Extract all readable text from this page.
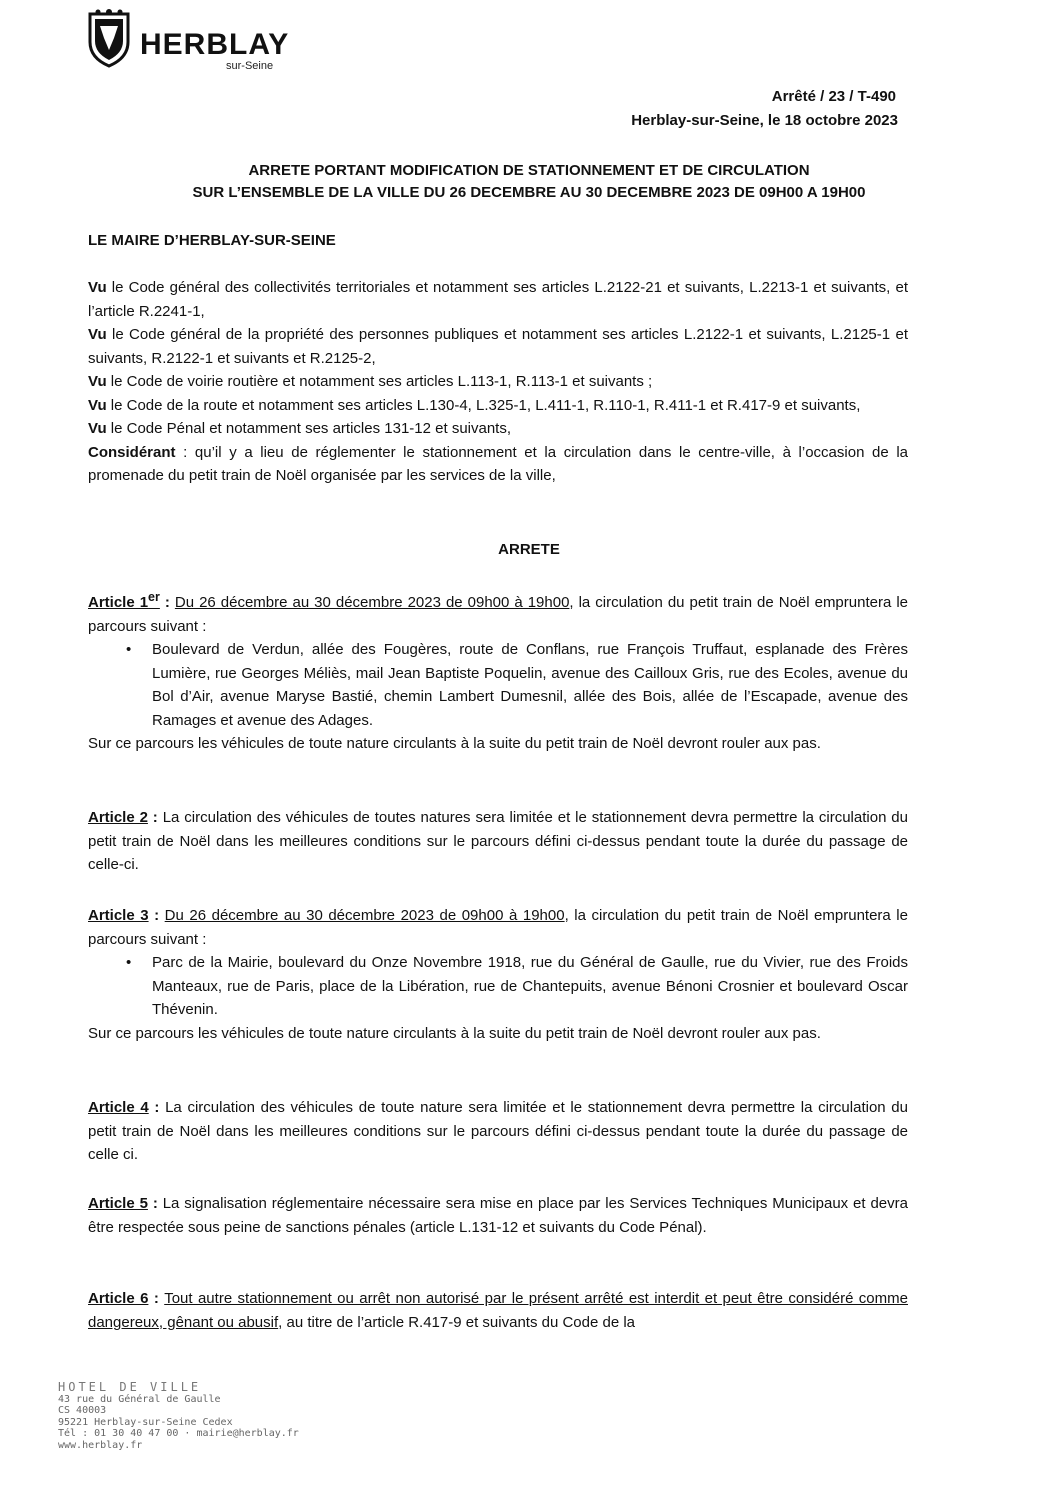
HERBLAY
sur-Seine
Arrêté / 23 / T-490
Herblay-sur-Seine, le 18 octobre 2023
ARRETE PORTANT MODIFICATION DE STATIONNEMENT ET DE CIRCULATION
SUR L’ENSEMBLE DE LA VILLE DU 26 DECEMBRE AU 30 DECEMBRE 2023 DE 09H00 A 19H00
LE MAIRE D’HERBLAY-SUR-SEINE

Vu le Code général des collectivités territoriales et notamment ses articles L.2122-21 et suivants, L.2213-1 et suivants, et l’article R.2241-1,

Vu le Code général de la propriété des personnes publiques et notamment ses articles L.2122-1 et suivants, L.2125-1 et suivants, R.2122-1 et suivants et R.2125-2,

Vu le Code de voirie routière et notamment ses articles L.113-1, R.113-1 et suivants ;

Vu le Code de la route et notamment ses articles L.130-4, L.325-1, L.411-1, R.110-1, R.411-1 et R.417-9 et suivants,

Vu le Code Pénal et notamment ses articles 131-12 et suivants,

Considérant : qu’il y a lieu de réglementer le stationnement et la circulation dans le centre-ville, à l’occasion de la promenade du petit train de Noël organisée par les services de la ville,

ARRETE

Article 1er : Du 26 décembre au 30 décembre 2023 de 09h00 à 19h00, la circulation du petit train de Noël empruntera le parcours suivant :

• Boulevard de Verdun, allée des Fougères, route de Conflans, rue François Truffaut, esplanade des Frères Lumière, rue Georges Méliès, mail Jean Baptiste Poquelin, avenue des Cailloux Gris, rue des Ecoles, avenue du Bol d’Air, avenue Maryse Bastié, chemin Lambert Dumesnil, allée des Bois, allée de l’Escapade, avenue des Ramages et avenue des Adages.

Sur ce parcours les véhicules de toute nature circulants à la suite du petit train de Noël devront rouler aux pas.

Article 2 : La circulation des véhicules de toutes natures sera limitée et le stationnement devra permettre la circulation du petit train de Noël dans les meilleures conditions sur le parcours défini ci-dessus pendant toute la durée du passage de celle-ci.

Article 3 : Du 26 décembre au 30 décembre 2023 de 09h00 à 19h00, la circulation du petit train de Noël empruntera le parcours suivant :

• Parc de la Mairie, boulevard du Onze Novembre 1918, rue du Général de Gaulle, rue du Vivier, rue des Froids Manteaux, rue de Paris, place de la Libération, rue de Chantepuits, avenue Bénoni Crosnier et boulevard Oscar Thévenin.

Sur ce parcours les véhicules de toute nature circulants à la suite du petit train de Noël devront rouler aux pas.

Article 4 : La circulation des véhicules de toute nature sera limitée et le stationnement devra permettre la circulation du petit train de Noël dans les meilleures conditions sur le parcours défini ci-dessus pendant toute la durée du passage de celle ci.

Article 5 : La signalisation réglementaire nécessaire sera mise en place par les Services Techniques Municipaux et devra être respectée sous peine de sanctions pénales (article L.131-12 et suivants du Code Pénal).

Article 6 : Tout autre stationnement ou arrêt non autorisé par le présent arrêté est interdit et peut être considéré comme dangereux, gênant ou abusif, au titre de l’article R.417-9 et suivants du Code de la

HOTEL DE VILLE
43 rue du Général de Gaulle
CS 40003
95221 Herblay-sur-Seine Cedex
Tél : 01 30 40 47 00 · mairie@herblay.fr
www.herblay.fr
